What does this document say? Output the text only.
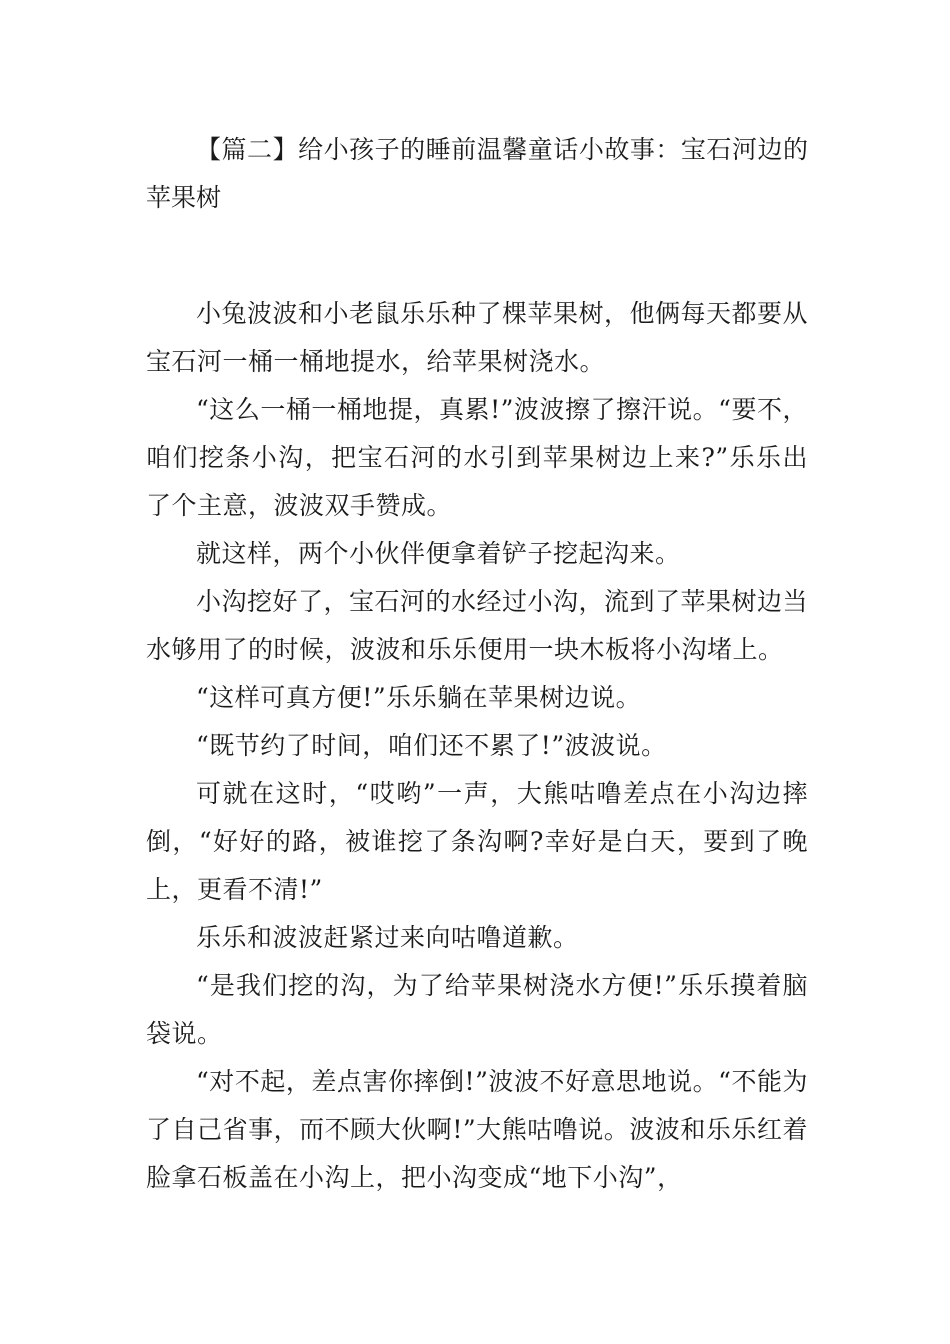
【篇二】给小孩子的睡前温馨童话小故事：宝石河边的苹果树

小兔波波和小老鼠乐乐种了棵苹果树，他俩每天都要从宝石河一桶一桶地提水，给苹果树浇水。

“这么一桶一桶地提，真累!”波波擦了擦汗说。“要不，咱们挖条小沟，把宝石河的水引到苹果树边上来?”乐乐出了个主意，波波双手赞成。

就这样，两个小伙伴便拿着铲子挖起沟来。

小沟挖好了，宝石河的水经过小沟，流到了苹果树边当水够用了的时候，波波和乐乐便用一块木板将小沟堵上。

“这样可真方便!”乐乐躺在苹果树边说。

“既节约了时间，咱们还不累了!”波波说。

可就在这时，“哎哟”一声，大熊咕噜差点在小沟边摔倒，“好好的路，被谁挖了条沟啊?幸好是白天，要到了晚上，更看不清!”

乐乐和波波赶紧过来向咕噜道歉。

“是我们挖的沟，为了给苹果树浇水方便!”乐乐摸着脑袋说。

“对不起，差点害你摔倒!”波波不好意思地说。“不能为了自己省事，而不顾大伙啊!”大熊咕噜说。波波和乐乐红着脸拿石板盖在小沟上，把小沟变成“地下小沟”，
